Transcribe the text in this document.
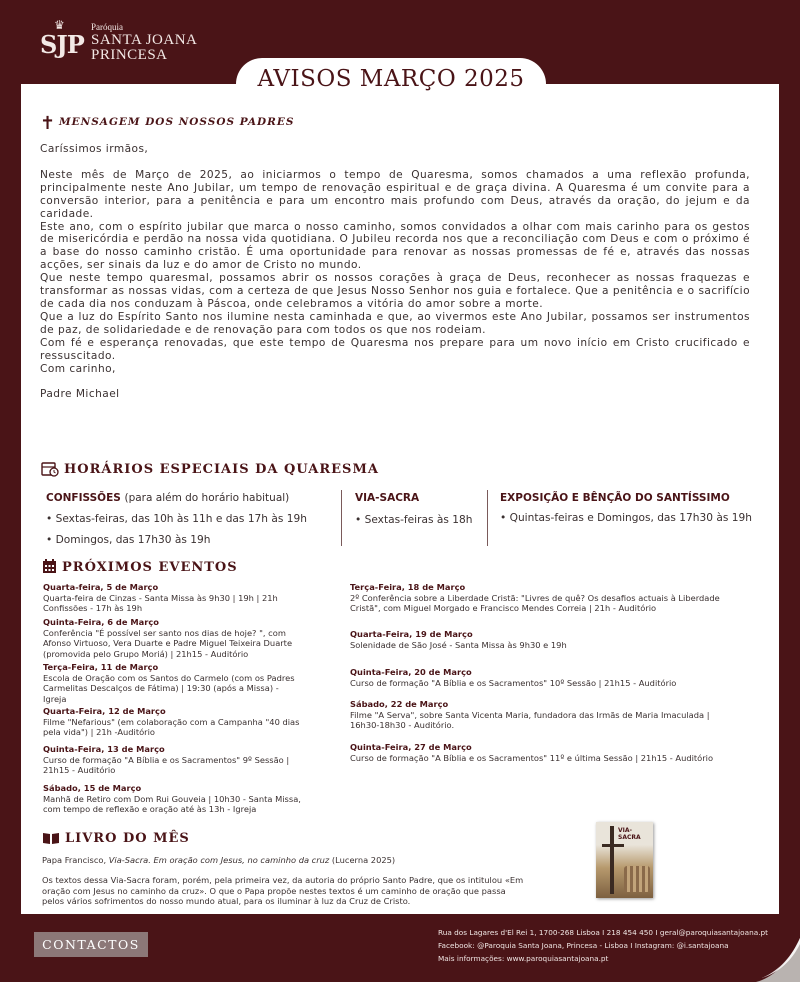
♛
SJP
Paróquia
SANTA JOANA
PRINCESA
AVISOS MARÇO 2025
✝ MENSAGEM DOS NOSSOS PADRES

Caríssimos irmãos,

Neste mês de Março de 2025, ao iniciarmos o tempo de Quaresma, somos chamados a uma reflexão profunda, principalmente neste Ano Jubilar, um tempo de renovação espiritual e de graça divina. A Quaresma é um convite para a conversão interior, para a penitência e para um encontro mais profundo com Deus, através da oração, do jejum e da caridade.

Este ano, com o espírito jubilar que marca o nosso caminho, somos convidados a olhar com mais carinho para os gestos de misericórdia e perdão na nossa vida quotidiana. O Jubileu recorda nos que a reconciliação com Deus e com o próximo é a base do nosso caminho cristão. É uma oportunidade para renovar as nossas promessas de fé e, através das nossas acções, ser sinais da luz e do amor de Cristo no mundo.

Que neste tempo quaresmal, possamos abrir os nossos corações à graça de Deus, reconhecer as nossas fraquezas e transformar as nossas vidas, com a certeza de que Jesus Nosso Senhor nos guia e fortalece. Que a penitência e o sacrifício de cada dia nos conduzam à Páscoa, onde celebramos a vitória do amor sobre a morte.

Que a luz do Espírito Santo nos ilumine nesta caminhada e que, ao vivermos este Ano Jubilar, possamos ser instrumentos de paz, de solidariedade e de renovação para com todos os que nos rodeiam.

Com fé e esperança renovadas, que este tempo de Quaresma nos prepare para um novo início em Cristo crucificado e ressuscitado.

Com carinho,

Padre Michael

HORÁRIOS ESPECIAIS DA QUARESMA
CONFISSÕES (para além do horário habitual)
• Sextas-feiras, das 10h às 11h e das 17h às 19h
• Domingos, das 17h30 às 19h
VIA-SACRA
• Sextas-feiras às 18h
EXPOSIÇÃO E BÊNÇÃO DO SANTÍSSIMO
• Quintas-feiras e Domingos, das 17h30 às 19h
PRÓXIMOS EVENTOS
Quarta-feira, 5 de Março
Quarta-feira de Cinzas - Santa Missa às 9h30 | 19h | 21h
Confissões - 17h às 19h
Quinta-Feira, 6 de Março
Conferência "É possível ser santo nos dias de hoje? ", com
Afonso Virtuoso, Vera Duarte e Padre Miguel Teixeira Duarte
(promovida pelo Grupo Moriá) | 21h15 - Auditório
Terça-Feira, 11 de Março
Escola de Oração com os Santos do Carmelo (com os Padres
Carmelitas Descalços de Fátima) | 19:30 (após a Missa) -
Igreja
Quarta-Feira, 12 de Março
Filme "Nefarious" (em colaboração com a Campanha "40 dias
pela vida") | 21h -Auditório
Quinta-Feira, 13 de Março
Curso de formação "A Bíblia e os Sacramentos" 9º Sessão |
21h15 - Auditório
Sábado, 15 de Março
Manhã de Retiro com Dom Rui Gouveia | 10h30 - Santa Missa,
com tempo de reflexão e oração até às 13h - Igreja
Terça-Feira, 18 de Março
2º Conferência sobre a Liberdade Cristã: "Livres de quê? Os desafios actuais à Liberdade
Cristã", com Miguel Morgado e Francisco Mendes Correia | 21h - Auditório
Quarta-Feira, 19 de Março
Solenidade de São José - Santa Missa às 9h30 e 19h
Quinta-Feira, 20 de Março
Curso de formação "A Bíblia e os Sacramentos" 10º Sessão | 21h15 - Auditório
Sábado, 22 de Março
Filme "A Serva", sobre Santa Vicenta Maria, fundadora das Irmãs de Maria Imaculada |
16h30-18h30 - Auditório.
Quinta-Feira, 27 de Março
Curso de formação "A Bíblia e os Sacramentos" 11º e última Sessão | 21h15 - Auditório
LIVRO DO MÊS
Papa Francisco, Via-Sacra. Em oração com Jesus, no caminho da cruz (Lucerna 2025)
Os textos dessa Via-Sacra foram, porém, pela primeira vez, da autoria do próprio Santo Padre, que os intitulou «Em
oração com Jesus no caminho da cruz». O que o Papa propõe nestes textos é um caminho de oração que passa
pelos vários sofrimentos do nosso mundo atual, para os iluminar à luz da Cruz de Cristo.
VIA-SACRA
CONTACTOS
Rua dos Lagares d'El Rei 1, 1700-268 Lisboa I 218 454 450 I geral@paroquiasantajoana.pt
Facebook: @Paroquia Santa Joana, Princesa - Lisboa I Instagram: @i.santajoana
Mais informações: www.paroquiasantajoana.pt
